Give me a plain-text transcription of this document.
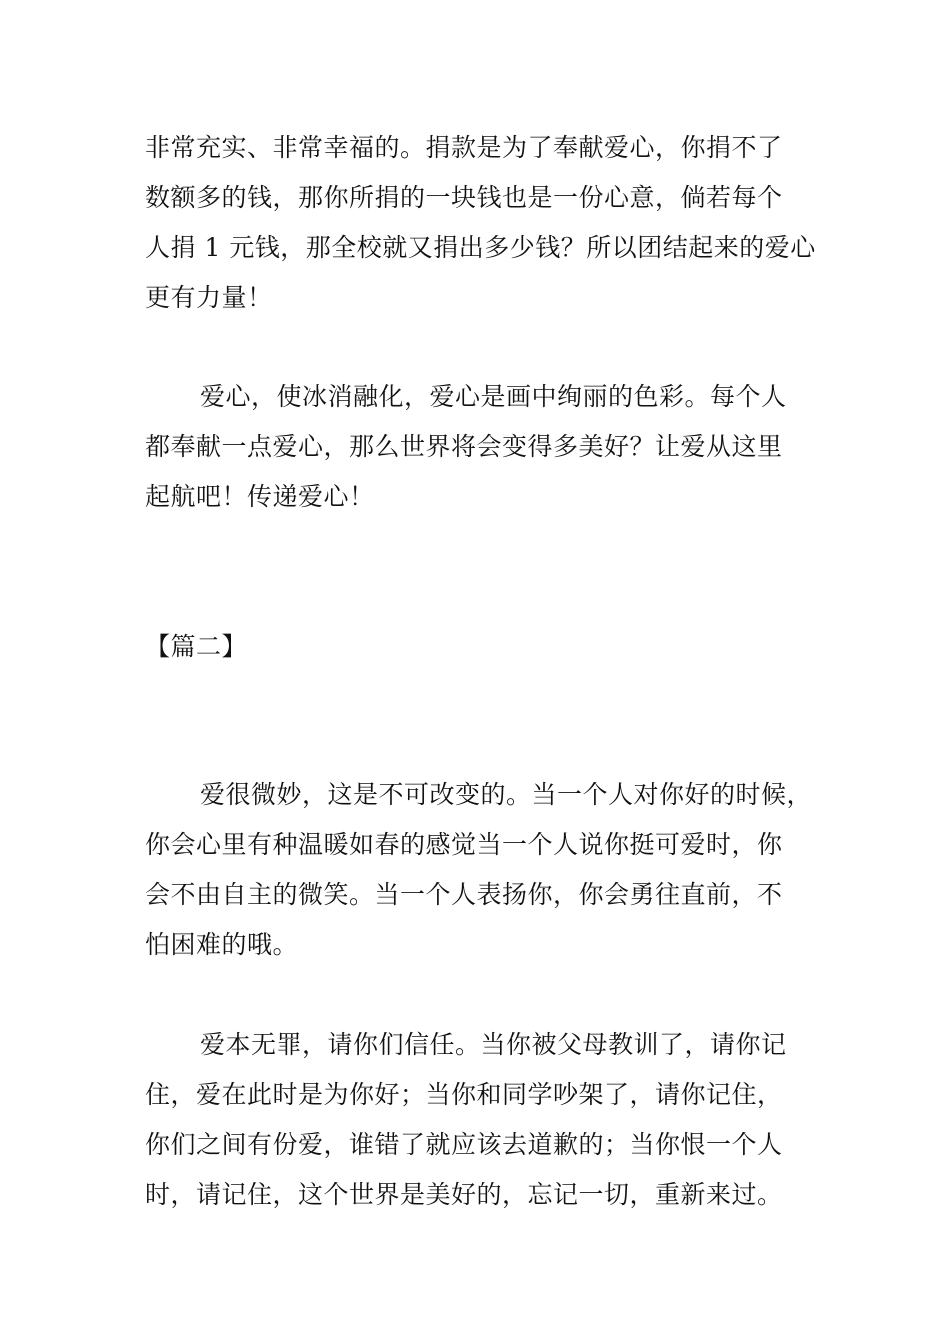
非常充实、非常幸福的。捐款是为了奉献爱心，你捐不了
数额多的钱，那你所捐的一块钱也是一份心意，倘若每个
人捐 1 元钱，那全校就又捐出多少钱？所以团结起来的爱心
更有力量！
爱心，使冰消融化，爱心是画中绚丽的色彩。每个人
都奉献一点爱心，那么世界将会变得多美好？让爱从这里
起航吧！传递爱心！
【篇二】
爱很微妙，这是不可改变的。当一个人对你好的时候，
你会心里有种温暖如春的感觉当一个人说你挺可爱时，你
会不由自主的微笑。当一个人表扬你，你会勇往直前，不
怕困难的哦。
爱本无罪，请你们信任。当你被父母教训了，请你记
住，爱在此时是为你好；当你和同学吵架了，请你记住，
你们之间有份爱，谁错了就应该去道歉的；当你恨一个人
时，请记住，这个世界是美好的，忘记一切，重新来过。
